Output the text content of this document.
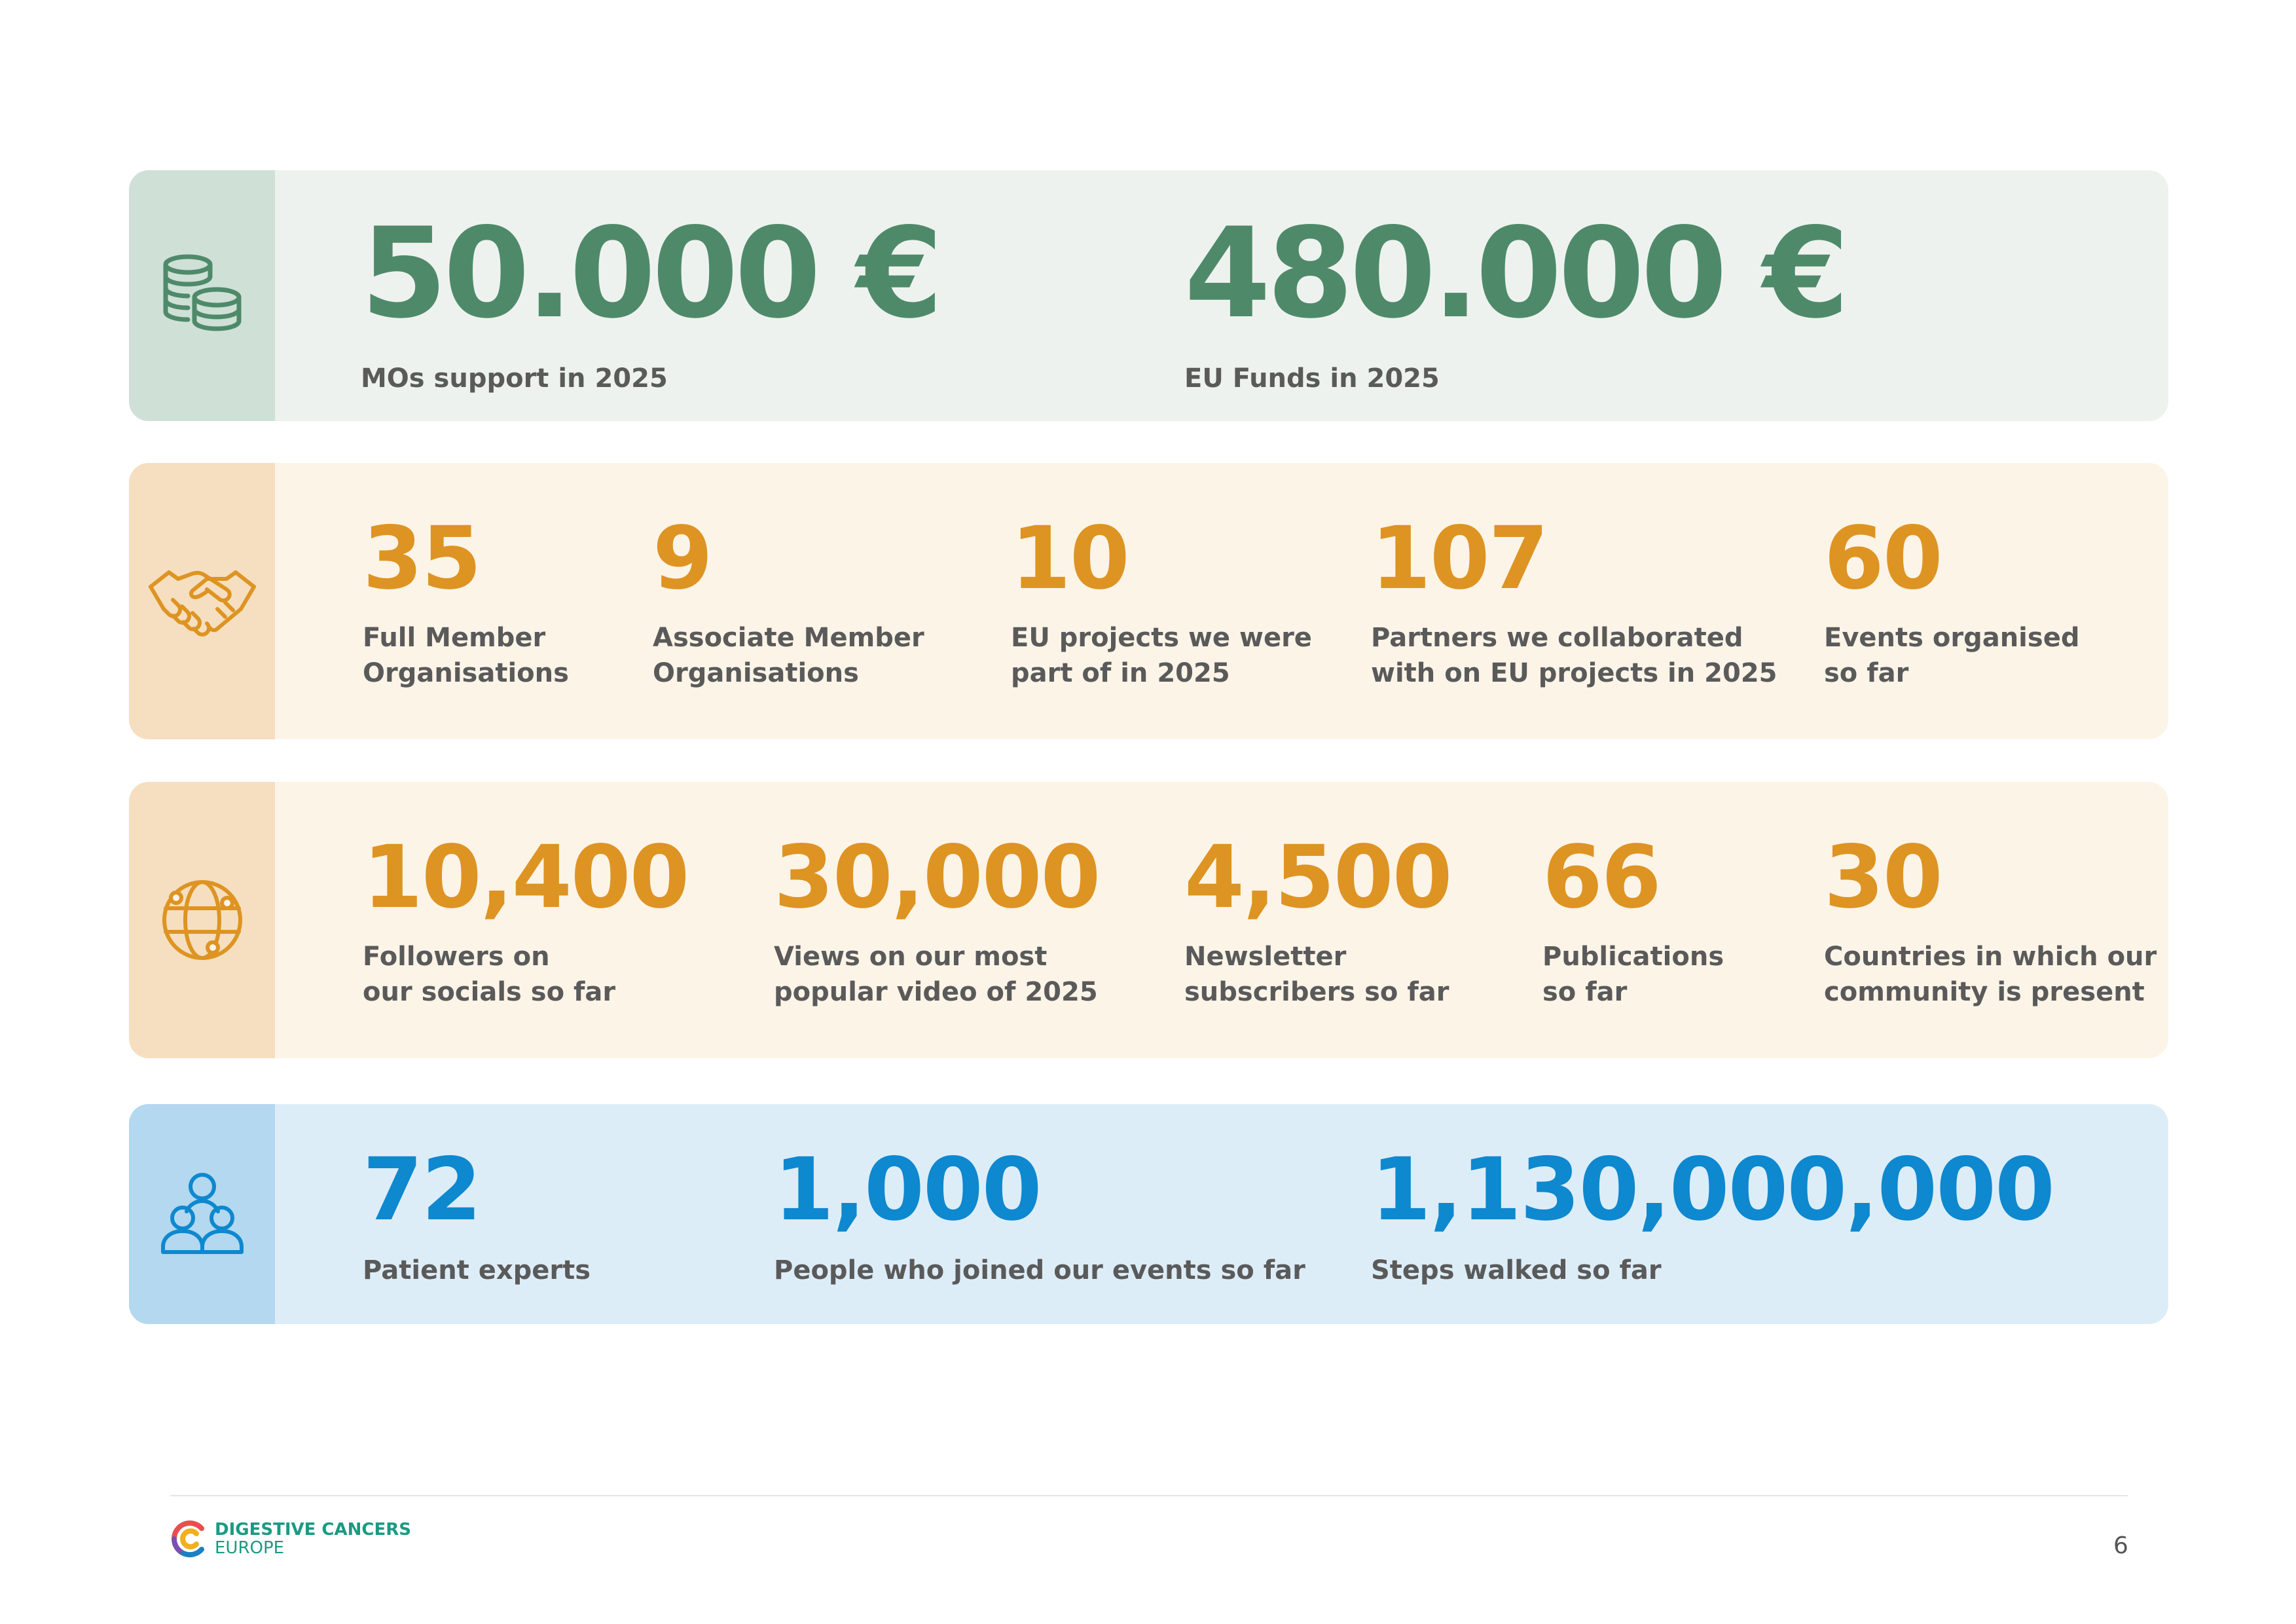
50.000 €
MOs support in 2025
480.000 €
EU Funds in 2025
35
Full Member
Organisations
9
Associate Member
Organisations
10
EU projects we were
part of in 2025
107
Partners we collaborated
with on EU projects in 2025
60
Events organised
so far
10,400
Followers on
our socials so far
30,000
Views on our most
popular video of 2025
4,500
Newsletter
subscribers so far
66
Publications
so far
30
Countries in which our
community is present
72
Patient experts
1,000
People who joined our events so far
1,130,000,000
Steps walked so far
DIGESTIVE CANCERS
EUROPE	6
